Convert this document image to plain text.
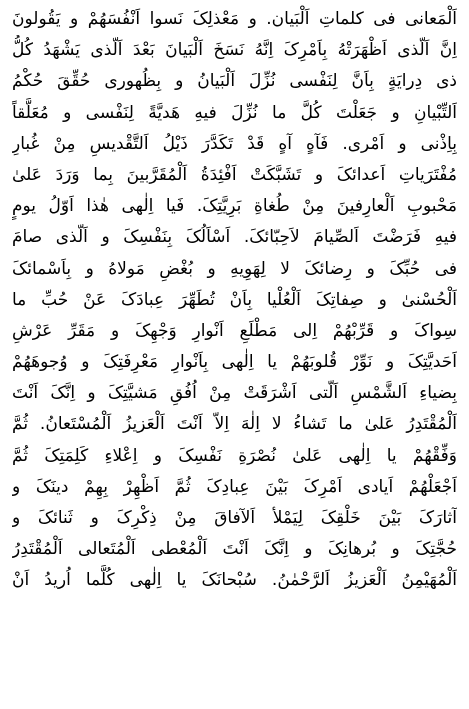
اَلْمَعانی فی کلماتِ اَلْبَیان. و مَعْذلِکَ نَسوا اَنْفُسَهُمْ و یَقُولونَ
اِنَّ اَلّذی اَظْهَرَتْهُ بِاَمْرِکَ اِنَّهُ نَسَخَ اَلْبَیانَ بَعْدَ اَلّذی یَشْهَدُ کُلُّ
ذی دِرایَةٍ بِاَنَّ لِنَفْسی نُزِّلَ اَلْبَیانُ و بِظُهوری حُقِّقَ حُکْمُ
اَلتِّبْیانِ و جَعَلْتَ کُلَّ ما نُزِّلَ فیهِ هَدیَّةً لِنَفْسی و مُعَلَّقاً
بِاِذْنی و اَمْری. فَآهٍ آهٍ قَدْ تَکَدَّرَ ذَیْلُ اَلتَّقْدیسِ مِنْ غُبارِ
مُفْتَرَیاتِ اَعدائکَ و تَشَبَّکَتْ اَفْئِدَةُ اَلْمُقَرَّبینَ بِما وَرَدَ عَلیٰ
مَحْبوبِ اَلْعارِفینَ مِنْ طُغاةِ بَرِیَّتِکَ. فَیا اِلٰهی هٰذا اَوّلُ یومٍ
فیهِ فَرَضْتَ اَلصِّیامَ لاَحِبّائکَ. اَسْاَلُکَ بِنَفْسِکَ و اَلّذی صامَ
فی حُبِّکَ و رِضائکَ لا لِهَوِیهِ و بُغْضِ مَولاهُ و بِاَسْمائکَ
اَلْحُسْنیٰ و صِفاتِکَ اَلْعُلْیا بِاَنْ تُطَهِّرَ عِبادَکَ عَنْ حُبِّ ما
سِواکَ و قَرِّبْهُمْ اِلی مَطْلَعِ اَنْوارِ وَجْهِکَ و مَقَرِّ عَرْشِ
اَحَدیَّتِکَ و نَوِّرْ قُلوبَهُمْ یا اِلٰهی بِاَنْوارِ مَعْرِفَتِکَ و وُجوهَهُمْ
بِضیاءِ اَلشَّمْسِ اَلّتی اَشْرَقَتْ مِنْ اُفُقِ مَشیَّتِکَ و اِنَّکَ اَنْتَ
اَلْمُقْتَدِرُ عَلیٰ ما تَشاءُ لا اِلٰهَ اِلاّ اَنْتَ اَلْعَزیزُ اَلْمُسْتَعانُ. ثُمَّ
وَفِّقْهُمْ یا اِلٰهی عَلیٰ نُصْرَةِ نَفْسِکَ و اِعْلاءِ کَلِمَتِکَ ثُمَّ
اَجْعَلْهُمْ اَیادی اَمْرِکَ بَیْنَ عِبادِکَ ثُمَّ اَظْهِرْ بِهِمْ دینَکَ و
آثارَکَ بَیْنَ خَلْقِکَ لِیَمْلأ اَلآفاقَ مِنْ ذِکْرِکَ و ثَنائکَ و
حُجَّتِکَ و بُرهانِکَ و اِنَّکَ اَنْتَ اَلْمُعْطی اَلْمُتَعالی اَلْمُقْتَدِرُ
اَلْمُهَیْمِنُ اَلْعَزیزُ اَلرَّحْمٰنُ. سُبْحانَکَ یا اِلٰهی کُلَّما اُریدُ اَنْ
